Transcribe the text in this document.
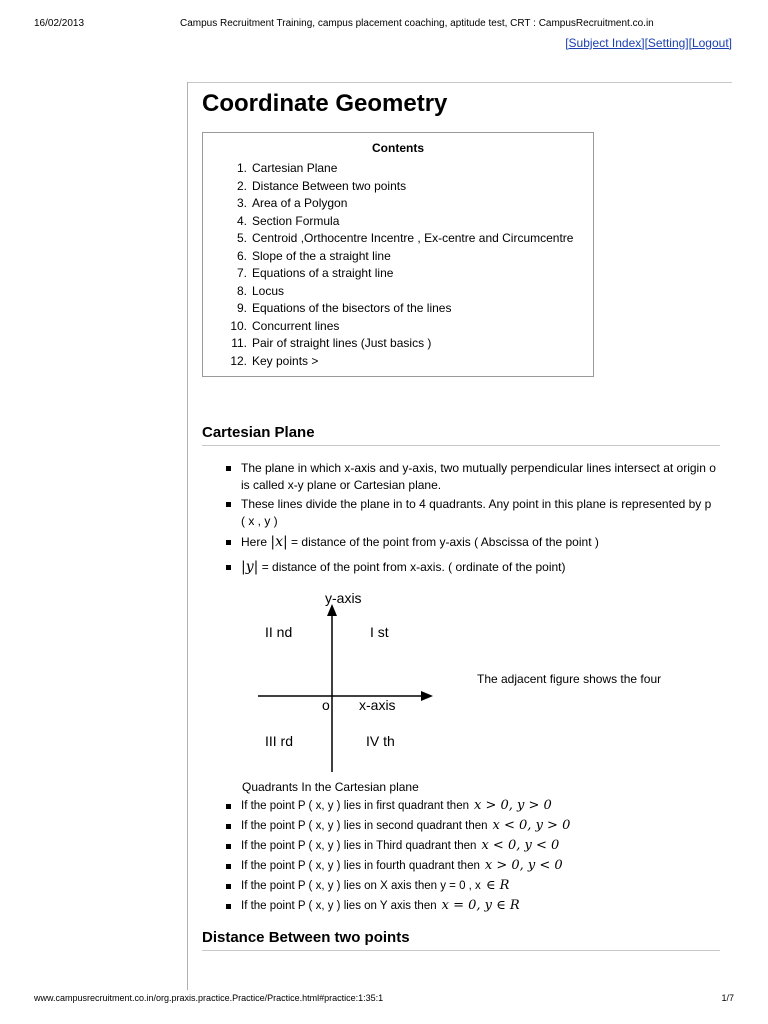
16/02/2013	Campus Recruitment Training, campus placement coaching, aptitude test, CRT : CampusRecruitment.co.in
[Subject Index][Setting][Logout]
Coordinate Geometry
Contents
1. Cartesian Plane
2. Distance Between two points
3. Area of a Polygon
4. Section Formula
5. Centroid ,Orthocentre Incentre , Ex-centre and Circumcentre
6. Slope of the a straight line
7. Equations of a straight line
8. Locus
9. Equations of the bisectors of the lines
10. Concurrent lines
11. Pair of straight lines (Just basics )
12. Key points >
Cartesian Plane
The plane in which x-axis and y-axis, two mutually perpendicular lines intersect at origin o is called x-y plane or Cartesian plane.
These lines divide the plane in to 4 quadrants. Any point in this plane is represented by p ( x , y )
Here |x| = distance of the point from y-axis ( Abscissa of the point )
|y| = distance of the point from x-axis. ( ordinate of the point)
y-axis
x-axis
o
I st
II nd
III rd	IV th
The adjacent figure shows the four
Quadrants In the Cartesian plane
If the point P ( x, y ) lies in first quadrant then x > 0, y > 0
If the point P ( x, y ) lies in second quadrant then x < 0, y > 0
If the point P ( x, y ) lies in Third quadrant then x < 0, y < 0
If the point P ( x, y ) lies in fourth quadrant then x > 0, y < 0
If the point P ( x, y ) lies on X axis then y = 0 , x ∈ R
If the point P ( x, y ) lies on Y axis then x = 0, y ∈ R
Distance Between two points
www.campusrecruitment.co.in/org.praxis.practice.Practice/Practice.html#practice:1:35:1	1/7
